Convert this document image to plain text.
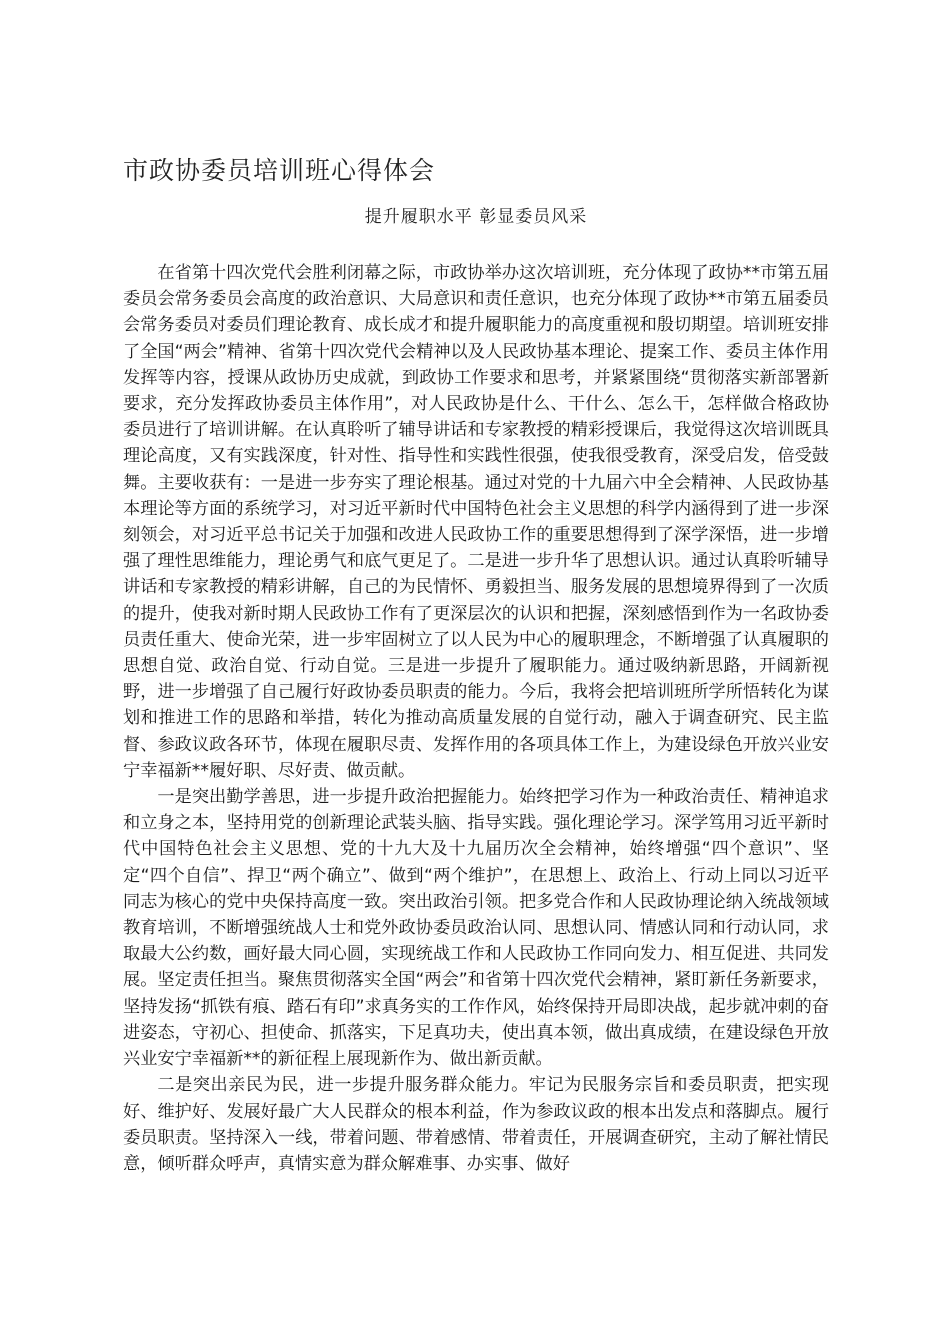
市政协委员培训班心得体会
提升履职水平 彰显委员风采

在省第十四次党代会胜利闭幕之际，市政协举办这次培训班，充分体现了政协**市第五届委员会常务委员会高度的政治意识、大局意识和责任意识，也充分体现了政协**市第五届委员会常务委员对委员们理论教育、成长成才和提升履职能力的高度重视和殷切期望。培训班安排了全国“两会”精神、省第十四次党代会精神以及人民政协基本理论、提案工作、委员主体作用发挥等内容，授课从政协历史成就，到政协工作要求和思考，并紧紧围绕“贯彻落实新部署新要求，充分发挥政协委员主体作用”，对人民政协是什么、干什么、怎么干，怎样做合格政协委员进行了培训讲解。在认真聆听了辅导讲话和专家教授的精彩授课后，我觉得这次培训既具理论高度，又有实践深度，针对性、指导性和实践性很强，使我很受教育，深受启发，倍受鼓舞。主要收获有：一是进一步夯实了理论根基。通过对党的十九届六中全会精神、人民政协基本理论等方面的系统学习，对习近平新时代中国特色社会主义思想的科学内涵得到了进一步深刻领会，对习近平总书记关于加强和改进人民政协工作的重要思想得到了深学深悟，进一步增强了理性思维能力，理论勇气和底气更足了。二是进一步升华了思想认识。通过认真聆听辅导讲话和专家教授的精彩讲解，自己的为民情怀、勇毅担当、服务发展的思想境界得到了一次质的提升，使我对新时期人民政协工作有了更深层次的认识和把握，深刻感悟到作为一名政协委员责任重大、使命光荣，进一步牢固树立了以人民为中心的履职理念，不断增强了认真履职的思想自觉、政治自觉、行动自觉。三是进一步提升了履职能力。通过吸纳新思路，开阔新视野，进一步增强了自己履行好政协委员职责的能力。今后，我将会把培训班所学所悟转化为谋划和推进工作的思路和举措，转化为推动高质量发展的自觉行动，融入于调查研究、民主监督、参政议政各环节，体现在履职尽责、发挥作用的各项具体工作上，为建设绿色开放兴业安宁幸福新**履好职、尽好责、做贡献。

一是突出勤学善思，进一步提升政治把握能力。始终把学习作为一种政治责任、精神追求和立身之本，坚持用党的创新理论武装头脑、指导实践。强化理论学习。深学笃用习近平新时代中国特色社会主义思想、党的十九大及十九届历次全会精神，始终增强“四个意识”、坚定“四个自信”、捍卫“两个确立”、做到“两个维护”，在思想上、政治上、行动上同以习近平同志为核心的党中央保持高度一致。突出政治引领。把多党合作和人民政协理论纳入统战领域教育培训，不断增强统战人士和党外政协委员政治认同、思想认同、情感认同和行动认同，求取最大公约数，画好最大同心圆，实现统战工作和人民政协工作同向发力、相互促进、共同发展。坚定责任担当。聚焦贯彻落实全国“两会”和省第十四次党代会精神，紧盯新任务新要求，坚持发扬“抓铁有痕、踏石有印”求真务实的工作作风，始终保持开局即决战，起步就冲刺的奋进姿态，守初心、担使命、抓落实，下足真功夫，使出真本领，做出真成绩，在建设绿色开放兴业安宁幸福新**的新征程上展现新作为、做出新贡献。

二是突出亲民为民，进一步提升服务群众能力。牢记为民服务宗旨和委员职责，把实现好、维护好、发展好最广大人民群众的根本利益，作为参政议政的根本出发点和落脚点。履行委员职责。坚持深入一线，带着问题、带着感情、带着责任，开展调查研究，主动了解社情民意，倾听群众呼声，真情实意为群众解难事、办实事、做好
